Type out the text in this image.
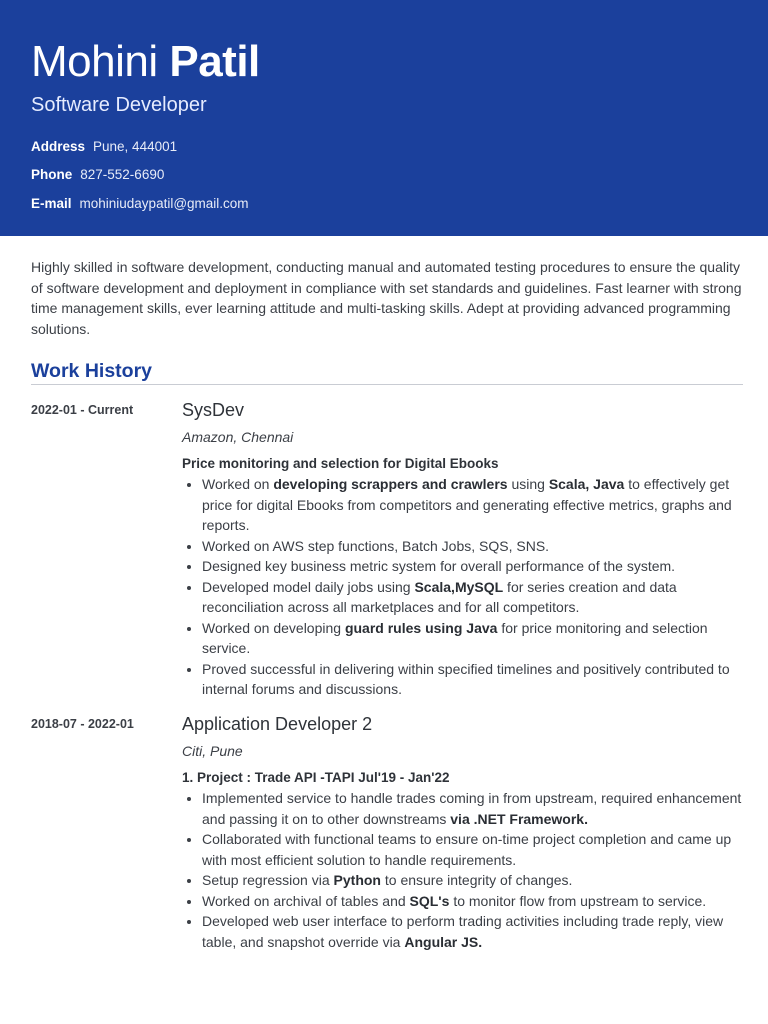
Mohini Patil
Software Developer
Address Pune, 444001
Phone 827-552-6690
E-mail mohiniudaypatil@gmail.com
Highly skilled in software development, conducting manual and automated testing procedures to ensure the quality of software development and deployment in compliance with set standards and guidelines. Fast learner with strong time management skills, ever learning attitude and multi-tasking skills. Adept at providing advanced programming solutions.
Work History
2022-01 - Current	SysDev
Amazon, Chennai
Price monitoring and selection for Digital Ebooks
• Worked on developing scrappers and crawlers using Scala, Java to effectively get price for digital Ebooks from competitors and generating effective metrics, graphs and reports.
• Worked on AWS step functions, Batch Jobs, SQS, SNS.
• Designed key business metric system for overall performance of the system.
• Developed model daily jobs using Scala,MySQL for series creation and data reconciliation across all marketplaces and for all competitors.
• Worked on developing guard rules using Java for price monitoring and selection service.
• Proved successful in delivering within specified timelines and positively contributed to internal forums and discussions.
2018-07 - 2022-01	Application Developer 2
Citi, Pune
1. Project : Trade API -TAPI Jul'19 - Jan'22
• Implemented service to handle trades coming in from upstream, required enhancement and passing it on to other downstreams via .NET Framework.
• Collaborated with functional teams to ensure on-time project completion and came up with most efficient solution to handle requirements.
• Setup regression via Python to ensure integrity of changes.
• Worked on archival of tables and SQL's to monitor flow from upstream to service.
• Developed web user interface to perform trading activities including trade reply, view table, and snapshot override via Angular JS.
